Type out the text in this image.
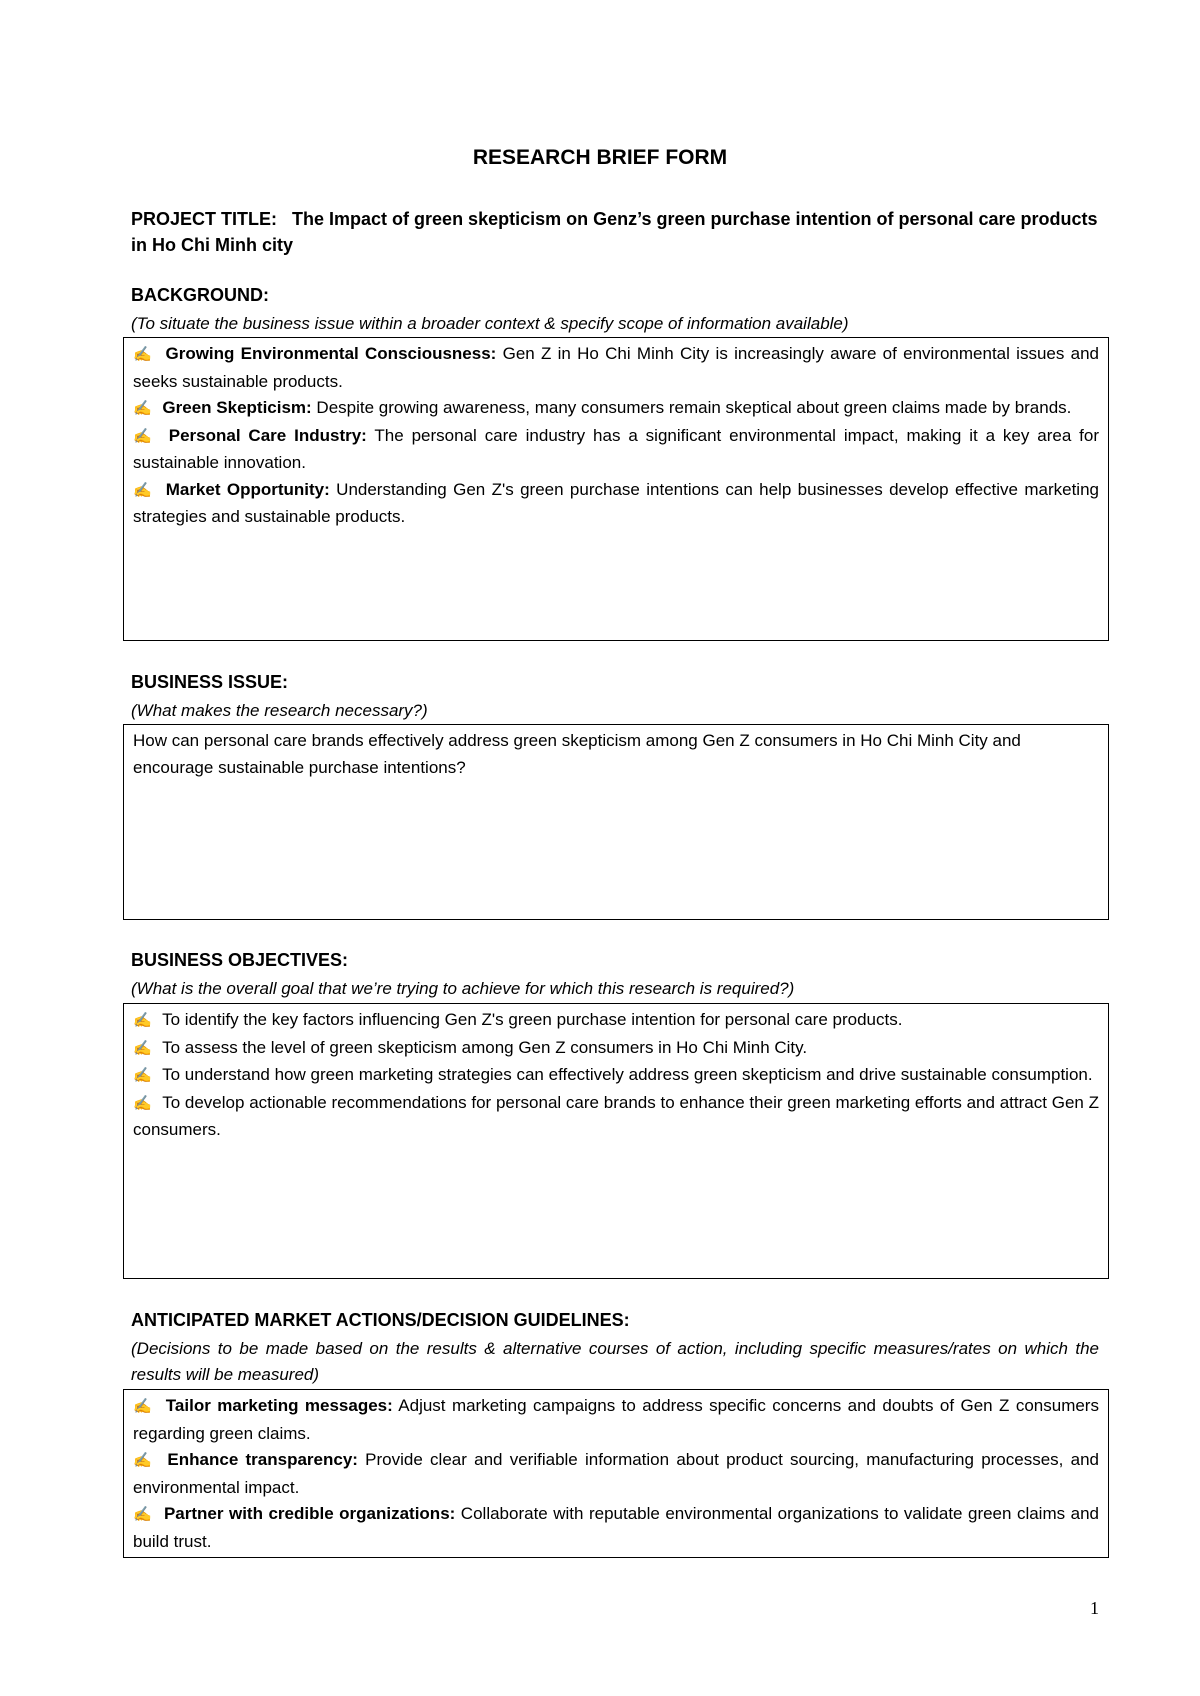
RESEARCH BRIEF FORM
PROJECT TITLE: The Impact of green skepticism on Genz’s green purchase intention of personal care products in Ho Chi Minh city
BACKGROUND:
(To situate the business issue within a broader context & specify scope of information available)

✍ Growing Environmental Consciousness: Gen Z in Ho Chi Minh City is increasingly aware of environmental issues and seeks sustainable products.

✍ Green Skepticism: Despite growing awareness, many consumers remain skeptical about green claims made by brands.

✍ Personal Care Industry: The personal care industry has a significant environmental impact, making it a key area for sustainable innovation.

✍ Market Opportunity: Understanding Gen Z's green purchase intentions can help businesses develop effective marketing strategies and sustainable products.

BUSINESS ISSUE:
(What makes the research necessary?)

How can personal care brands effectively address green skepticism among Gen Z consumers in Ho Chi Minh City and encourage sustainable purchase intentions?

BUSINESS OBJECTIVES:
(What is the overall goal that we’re trying to achieve for which this research is required?)

✍ To identify the key factors influencing Gen Z's green purchase intention for personal care products.

✍ To assess the level of green skepticism among Gen Z consumers in Ho Chi Minh City.

✍ To understand how green marketing strategies can effectively address green skepticism and drive sustainable consumption.

✍ To develop actionable recommendations for personal care brands to enhance their green marketing efforts and attract Gen Z consumers.

ANTICIPATED MARKET ACTIONS/DECISION GUIDELINES:
(Decisions to be made based on the results & alternative courses of action, including specific measures/rates on which the results will be measured)

✍ Tailor marketing messages: Adjust marketing campaigns to address specific concerns and doubts of Gen Z consumers regarding green claims.

✍ Enhance transparency: Provide clear and verifiable information about product sourcing, manufacturing processes, and environmental impact.

✍ Partner with credible organizations: Collaborate with reputable environmental organizations to validate green claims and build trust.

1
